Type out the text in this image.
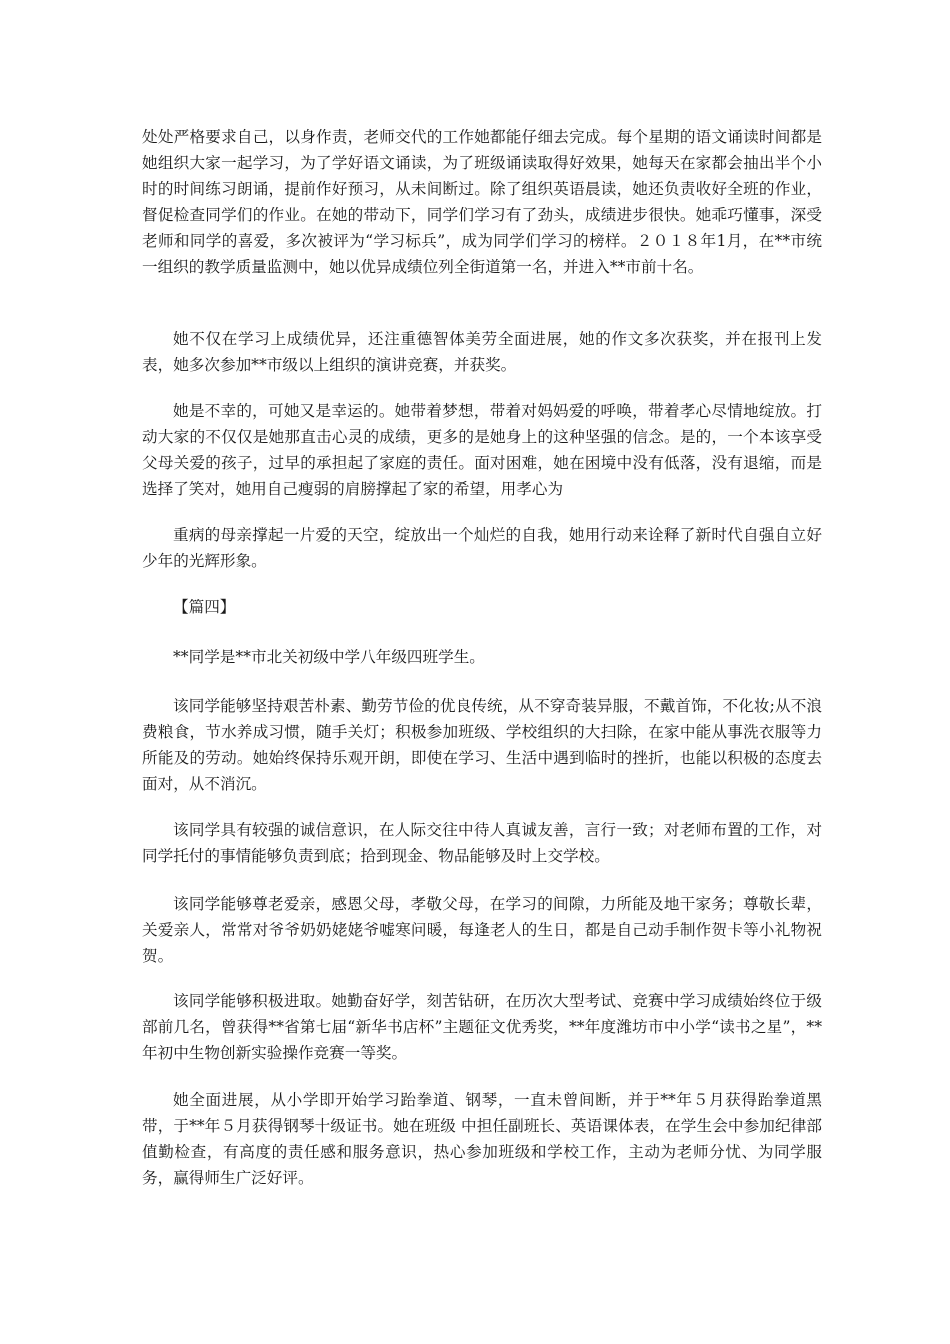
处处严格要求自己，以身作责，老师交代的工作她都能仔细去完成。每个星期的语文诵读时间都是她组织大家一起学习，为了学好语文诵读，为了班级诵读取得好效果，她每天在家都会抽出半个小时的时间练习朗诵，提前作好预习，从未间断过。除了组织英语晨读，她还负责收好全班的作业，督促检查同学们的作业。在她的带动下，同学们学习有了劲头，成绩进步很快。她乖巧懂事，深受老师和同学的喜爱，多次被评为“学习标兵”，成为同学们学习的榜样。２０１８年1月，在**市统一组织的教学质量监测中，她以优异成绩位列全街道第一名，并进入**市前十名。

她不仅在学习上成绩优异，还注重德智体美劳全面进展，她的作文多次获奖，并在报刊上发表，她多次参加**市级以上组织的演讲竞赛，并获奖。

她是不幸的，可她又是幸运的。她带着梦想，带着对妈妈爱的呼唤，带着孝心尽情地绽放。打动大家的不仅仅是她那直击心灵的成绩，更多的是她身上的这种坚强的信念。是的，一个本该享受父母关爱的孩子，过早的承担起了家庭的责任。面对困难，她在困境中没有低落，没有退缩，而是选择了笑对，她用自己瘦弱的肩膀撑起了家的希望，用孝心为

重病的母亲撑起一片爱的天空，绽放出一个灿烂的自我，她用行动来诠释了新时代自强自立好少年的光辉形象。

【篇四】

**同学是**市北关初级中学八年级四班学生。

该同学能够坚持艰苦朴素、勤劳节俭的优良传统，从不穿奇装异服，不戴首饰，不化妆;从不浪费粮食，节水养成习惯，随手关灯；积极参加班级、学校组织的大扫除，在家中能从事洗衣服等力所能及的劳动。她始终保持乐观开朗，即使在学习、生活中遇到临时的挫折，也能以积极的态度去面对，从不消沉。

该同学具有较强的诚信意识，在人际交往中待人真诚友善，言行一致；对老师布置的工作，对同学托付的事情能够负责到底；拾到现金、物品能够及时上交学校。

该同学能够尊老爱亲，感恩父母，孝敬父母，在学习的间隙，力所能及地干家务；尊敬长辈，关爱亲人，常常对爷爷奶奶姥姥爷嘘寒问暖，每逢老人的生日，都是自己动手制作贺卡等小礼物祝贺。

该同学能够积极进取。她勤奋好学，刻苦钻研，在历次大型考试、竞赛中学习成绩始终位于级部前几名，曾获得**省第七届“新华书店杯”主题征文优秀奖，**年度潍坊市中小学“读书之星”，**年初中生物创新实验操作竞赛一等奖。

她全面进展，从小学即开始学习跆拳道、钢琴，一直未曾间断，并于**年５月获得跆拳道黑带，于**年５月获得钢琴十级证书。她在班级 中担任副班长、英语课体表，在学生会中参加纪律部值勤检查，有高度的责任感和服务意识，热心参加班级和学校工作，主动为老师分忧、为同学服务，赢得师生广泛好评。
